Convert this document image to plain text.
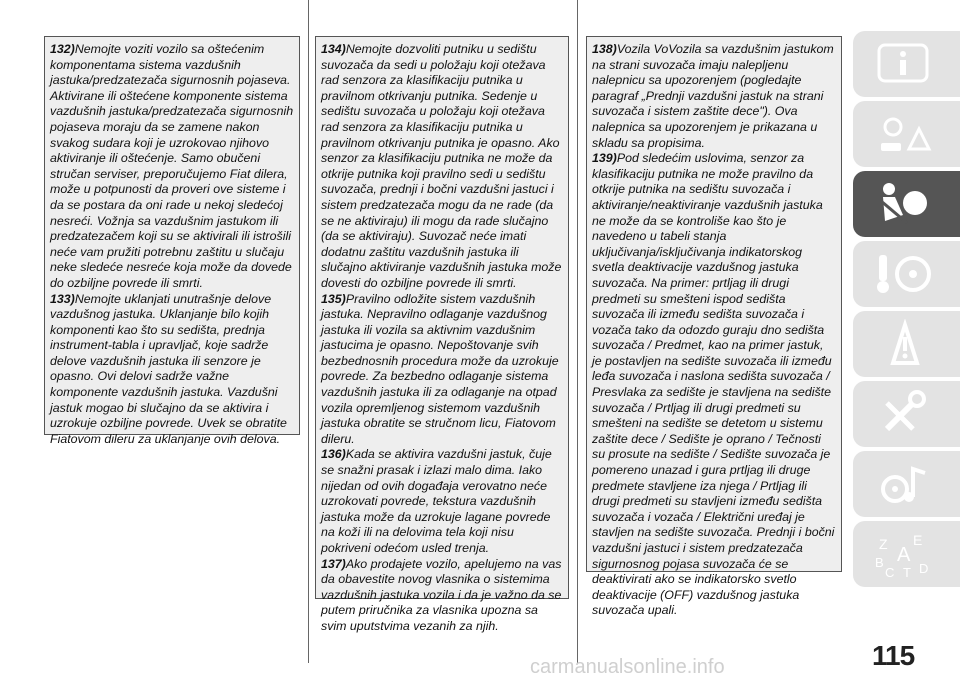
132)Nemojte voziti vozilo sa oštećenim komponentama sistema vazdušnih jastuka/predzatezača sigurnosnih pojaseva. Aktivirane ili oštećene komponente sistema vazdušnih jastuka/predzatezača sigurnosnih pojaseva moraju da se zamene nakon svakog sudara koji je uzrokovao njihovo aktiviranje ili oštećenje. Samo obučeni stručan serviser, preporučujemo Fiat dilera, može u potpunosti da proveri ove sisteme i da se postara da oni rade u nekoj sledećoj nesreći. Vožnja sa vazdušnim jastukom ili predzatezačem koji su se aktivirali ili istrošili neće vam pružiti potrebnu zaštitu u slučaju neke sledeće nesreće koja može da dovede do ozbiljne povrede ili smrti.

133)Nemojte uklanjati unutrašnje delove vazdušnog jastuka. Uklanjanje bilo kojih komponenti kao što su sedišta, prednja instrument-tabla i upravljač, koje sadrže delove vazdušnih jastuka ili senzore je opasno. Ovi delovi sadrže važne komponente vazdušnih jastuka. Vazdušni jastuk mogao bi slučajno da se aktivira i uzrokuje ozbiljne povrede. Uvek se obratite Fiatovom dileru za uklanjanje ovih delova.

134)Nemojte dozvoliti putniku u sedištu suvozača da sedi u položaju koji otežava rad senzora za klasifikaciju putnika u pravilnom otkrivanju putnika. Sedenje u sedištu suvozača u položaju koji otežava rad senzora za klasifikaciju putnika u pravilnom otkrivanju putnika je opasno. Ako senzor za klasifikaciju putnika ne može da otkrije putnika koji pravilno sedi u sedištu suvozača, prednji i bočni vazdušni jastuci i sistem predzatezača mogu da ne rade (da se ne aktiviraju) ili mogu da rade slučajno (da se aktiviraju). Suvozač neće imati dodatnu zaštitu vazdušnih jastuka ili slučajno aktiviranje vazdušnih jastuka može dovesti do ozbiljne povrede ili smrti.

135)Pravilno odložite sistem vazdušnih jastuka. Nepravilno odlaganje vazdušnog jastuka ili vozila sa aktivnim vazdušnim jastucima je opasno. Nepoštovanje svih bezbednosnih procedura može da uzrokuje povrede. Za bezbedno odlaganje sistema vazdušnih jastuka ili za odlaganje na otpad vozila opremljenog sistemom vazdušnih jastuka obratite se stručnom licu, Fiatovom dileru.

136)Kada se aktivira vazdušni jastuk, čuje se snažni prasak i izlazi malo dima. Iako nijedan od ovih događaja verovatno neće uzrokovati povrede, tekstura vazdušnih jastuka može da uzrokuje lagane povrede na koži ili na delovima tela koji nisu pokriveni odećom usled trenja.

137)Ako prodajete vozilo, apelujemo na vas da obavestite novog vlasnika o sistemima vazdušnih jastuka vozila i da je važno da se putem priručnika za vlasnika upozna sa svim uputstvima vezanih za njih.

138)Vozila VoVozila sa vazdušnim jastukom na strani suvozača imaju nalepljenu nalepnicu sa upozorenjem (pogledajte paragraf „Prednji vazdušni jastuk na strani suvozača i sistem zaštite dece"). Ova nalepnica sa upozorenjem je prikazana u skladu sa propisima.

139)Pod sledećim uslovima, senzor za klasifikaciju putnika ne može pravilno da otkrije putnika na sedištu suvozača i aktiviranje/neaktiviranje vazdušnih jastuka ne može da se kontroliše kao što je navedeno u tabeli stanja uključivanja/isključivanja indikatorskog svetla deaktivacije vazdušnog jastuka suvozača. Na primer: prtljag ili drugi predmeti su smešteni ispod sedišta suvozača ili između sedišta suvozača i vozača tako da odozdo guraju dno sedišta suvozača / Predmet, kao na primer jastuk, je postavljen na sedište suvozača ili između leđa suvozača i naslona sedišta suvozača / Presvlaka za sedište je stavljena na sedište suvozača / Prtljag ili drugi predmeti su smešteni na sedište se detetom u sistemu zaštite dece / Sedište je oprano / Tečnosti su prosute na sedište / Sedište suvozača je pomereno unazad i gura prtljag ili druge predmete stavljene iza njega / Prtljag ili drugi predmeti su stavljeni između sedišta suvozača i vozača / Električni uređaj je stavljen na sedište suvozača. Prednji i bočni vazdušni jastuci i sistem predzatezača sigurnosnog pojasa suvozača će se deaktivirati ako se indikatorsko svetlo deaktivacije (OFF) vazdušnog jastuka suvozača upali.

Z E
A
B
C T D
115
carmanualsonline.info
